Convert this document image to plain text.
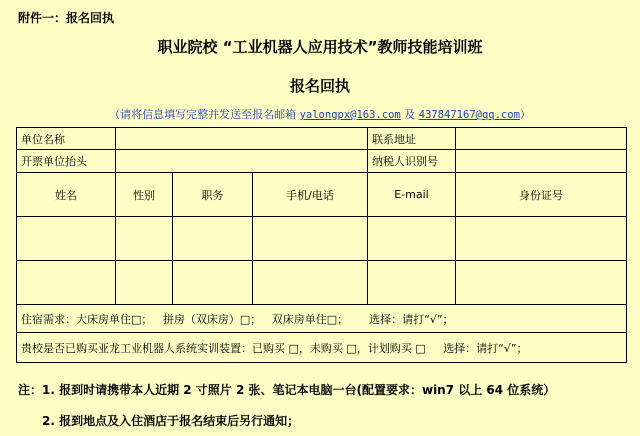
附件一：报名回执
职业院校 “工业机器人应用技术”教师技能培训班
报名回执
（请将信息填写完整并发送至报名邮箱 yalongpx@163.com 及 437847167@qq.com）
单位名称				联系地址	
开票单位抬头				纳税人识别号	
姓名	性别	职务	手机/电话	E-mail	身份证号

住宿需求：大床房单住□；   拼房（双床房）□；   双床房单住□；      选择：请打“√”；					
贵校是否已购买亚龙工业机器人系统实训装置：已购买 □，未购买 □，计划购买 □     选择：请打“√”；					
注：1. 报到时请携带本人近期 2 寸照片 2 张、笔记本电脑一台(配置要求：win7 以上 64 位系统）
2. 报到地点及入住酒店于报名结束后另行通知；
